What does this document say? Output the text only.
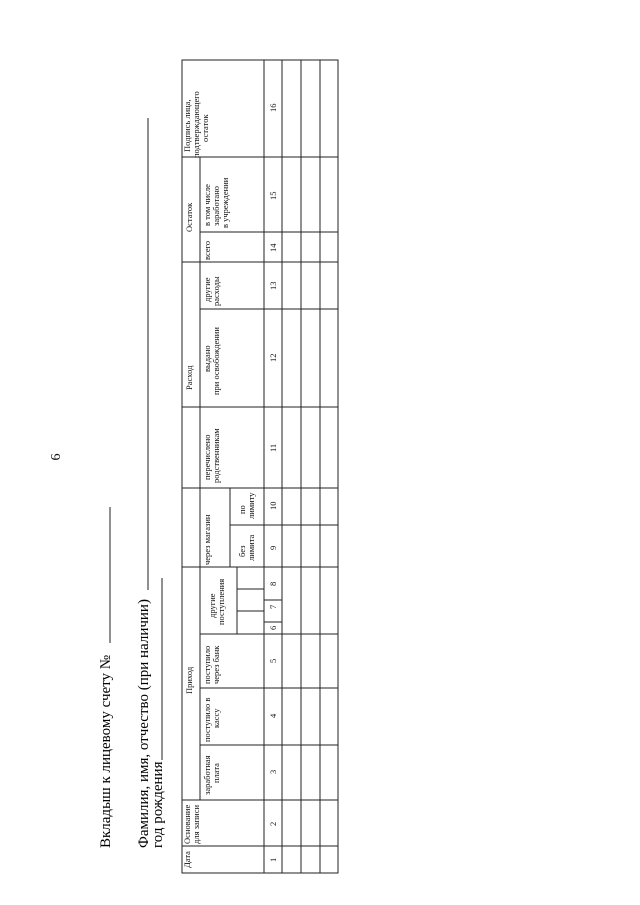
6
Вкладыш к лицевому счету № Фамилия, имя, отчество (при наличии)
год рождения
Дата
Основание для записи
Приход
заработная плата
поступило в кассу
поступило через банк
другие поступления
через магазин	без лимита
по лимиту
Расход
перечислено родственникам
выдано при освобождении
другие расходы
Остаток
всего
в том числе заработано в учреждении
Подпись лица, подтверждающего остаток
1
2
3
4
5
6
7
8
9
10
11
12
13
14
15
16
